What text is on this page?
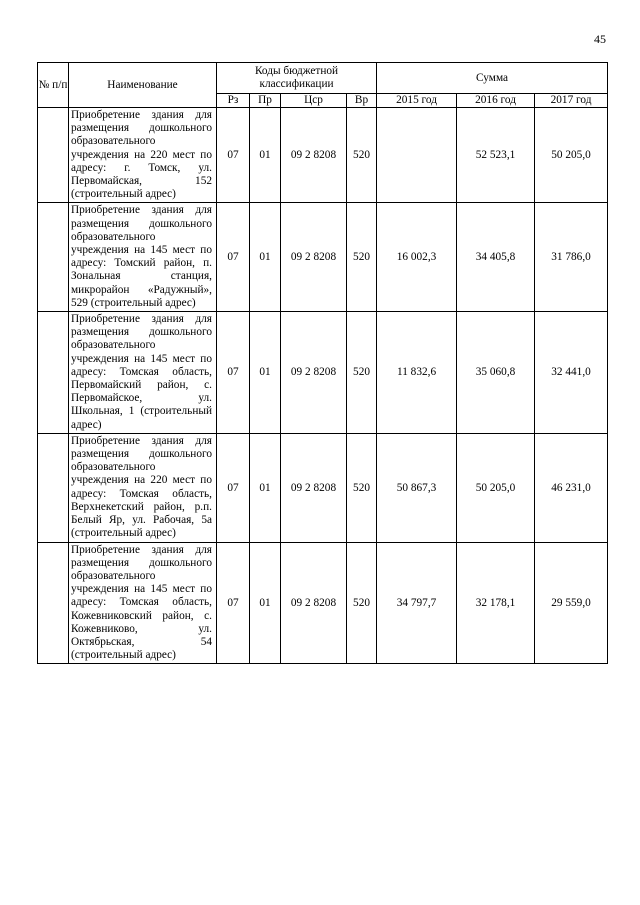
45
№ п/п	Наименование	Коды бюджетной классификации				Сумма		
		Рз	Пр	Цср	Вр	2015 год	2016 год	2017 год
	Приобретение здания для размещения дошкольного образовательного учреждения на 220 мест по адресу: г. Томск, ул. Первомайская, 152 (строительный адрес)	07	01	09 2 8208	520		52 523,1	50 205,0
	Приобретение здания для размещения дошкольного образовательного учреждения на 145 мест по адресу: Томский район, п. Зональная станция, микрорайон «Радужный», 529 (строительный адрес)	07	01	09 2 8208	520	16 002,3	34 405,8	31 786,0
	Приобретение здания для размещения дошкольного образовательного учреждения на 145 мест по адресу: Томская область, Первомайский район, с. Первомайское, ул. Школьная, 1 (строительный адрес)	07	01	09 2 8208	520	11 832,6	35 060,8	32 441,0
	Приобретение здания для размещения дошкольного образовательного учреждения на 220 мест по адресу: Томская область, Верхнекетский район, р.п. Белый Яр, ул. Рабочая, 5а (строительный адрес)	07	01	09 2 8208	520	50 867,3	50 205,0	46 231,0
	Приобретение здания для размещения дошкольного образовательного учреждения на 145 мест по адресу: Томская область, Кожевниковский район, с. Кожевниково, ул. Октябрьская, 54 (строительный адрес)	07	01	09 2 8208	520	34 797,7	32 178,1	29 559,0
